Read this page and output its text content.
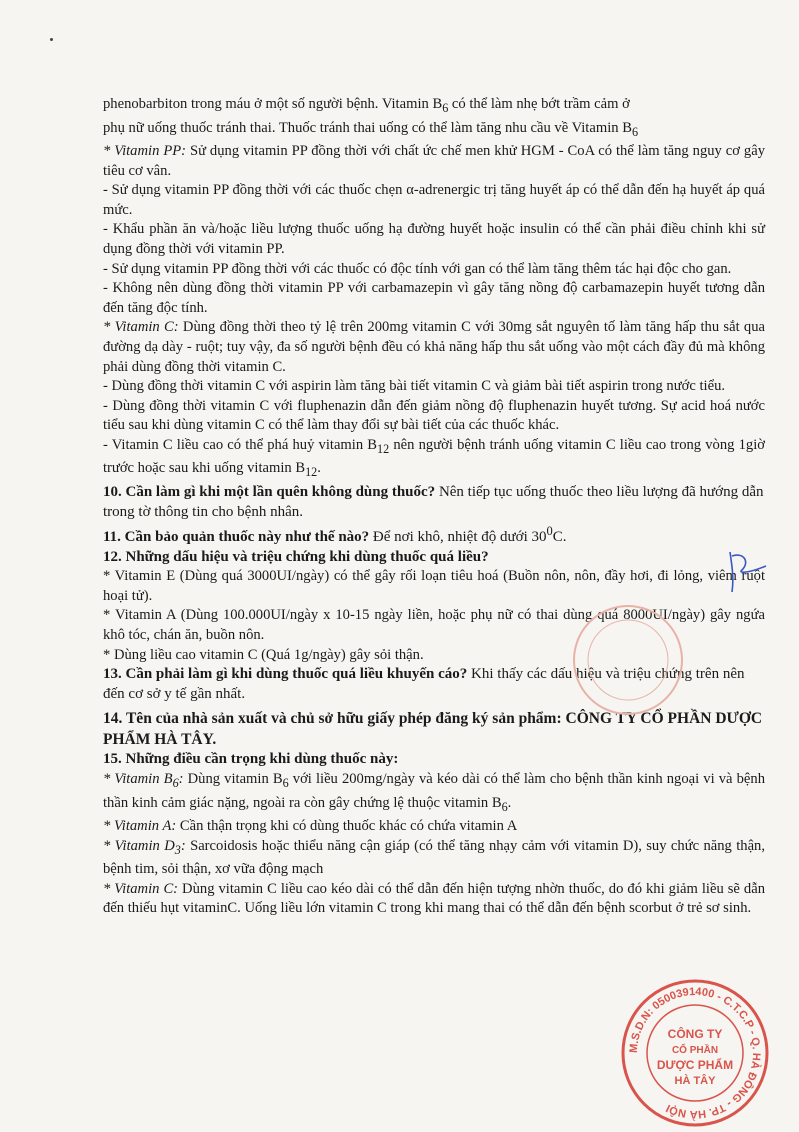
phenobarbiton trong máu ở một số người bệnh. Vitamin $B_6$ có thể làm nhẹ bớt trầm cảm ở

phụ nữ uống thuốc tránh thai. Thuốc tránh thai uống có thể làm tăng nhu cầu về Vitamin $B_6$

* Vitamin PP: Sử dụng vitamin PP đồng thời với chất ức chế men khử HGM - CoA có thể làm tăng nguy cơ gây tiêu cơ vân.

- Sử dụng vitamin PP đồng thời với các thuốc chẹn α-adrenergic trị tăng huyết áp có thể dẫn đến hạ huyết áp quá mức.

- Khẩu phần ăn và/hoặc liều lượng thuốc uống hạ đường huyết hoặc insulin có thể cần phải điều chỉnh khi sử dụng đồng thời với vitamin PP.

- Sử dụng vitamin PP đồng thời với các thuốc có độc tính với gan có thể làm tăng thêm tác hại độc cho gan.

- Không nên dùng đồng thời vitamin PP với carbamazepin vì gây tăng nồng độ carbamazepin huyết tương dẫn đến tăng độc tính.

* Vitamin C: Dùng đồng thời theo tỷ lệ trên 200mg vitamin C với 30mg sắt nguyên tố làm tăng hấp thu sắt qua đường dạ dày - ruột; tuy vậy, đa số người bệnh đều có khả năng hấp thu sắt uống vào một cách đầy đủ mà không phải dùng đồng thời vitamin C.

- Dùng đồng thời vitamin C với aspirin làm tăng bài tiết vitamin C và giảm bài tiết aspirin trong nước tiểu.

- Dùng đồng thời vitamin C với fluphenazin dẫn đến giảm nồng độ fluphenazin huyết tương. Sự acid hoá nước tiểu sau khi dùng vitamin C có thể làm thay đổi sự bài tiết của các thuốc khác.

- Vitamin C liều cao có thể phá huỷ vitamin $B_{12}$ nên người bệnh tránh uống vitamin C liều cao trong vòng 1giờ trước hoặc sau khi uống vitamin $B_{12}$.

10. Cần làm gì khi một lần quên không dùng thuốc? Nên tiếp tục uống thuốc theo liều lượng đã hướng dẫn trong tờ thông tin cho bệnh nhân.

11. Cần bảo quản thuốc này như thế nào? Để nơi khô, nhiệt độ dưới $30^0C$.

12. Những dấu hiệu và triệu chứng khi dùng thuốc quá liều?

* Vitamin E (Dùng quá 3000UI/ngày) có thể gây rối loạn tiêu hoá (Buồn nôn, nôn, đầy hơi, đi lỏng, viêm ruột hoại tử).

* Vitamin A (Dùng 100.000UI/ngày x 10-15 ngày liền, hoặc phụ nữ có thai dùng quá 8000UI/ngày) gây ngứa khô tóc, chán ăn, buồn nôn.

* Dùng liều cao vitamin C (Quá 1g/ngày) gây sỏi thận.

13. Cần phải làm gì khi dùng thuốc quá liều khuyến cáo? Khi thấy các dấu hiệu và triệu chứng trên nên đến cơ sở y tế gần nhất.

14. Tên của nhà sản xuất và chủ sở hữu giấy phép đăng ký sản phẩm: CÔNG TY CỔ PHẦN DƯỢC PHẨM HÀ TÂY.

15. Những điều cần trọng khi dùng thuốc này:

* Vitamin $B_6$: Dùng vitamin $B_6$ với liều 200mg/ngày và kéo dài có thể làm cho bệnh thần kinh ngoại vi và bệnh thần kinh cảm giác nặng, ngoài ra còn gây chứng lệ thuộc vitamin $B_6$.

* Vitamin A: Cần thận trọng khi có dùng thuốc khác có chứa vitamin A

* Vitamin $D_3$: Sarcoidosis hoặc thiểu năng cận giáp (có thể tăng nhạy cảm với vitamin D), suy chức năng thận, bệnh tim, sỏi thận, xơ vữa động mạch

* Vitamin C: Dùng vitamin C liều cao kéo dài có thể dẫn đến hiện tượng nhờn thuốc, do đó khi giảm liều sẽ dẫn đến thiếu hụt vitaminC. Uống liều lớn vitamin C trong khi mang thai có thể dẫn đến bệnh scorbut ở trẻ sơ sinh.

M.S.D.N: 0500391400 - C.T.C.P - Q. HÀ ĐÔNG - TP. HÀ NỘI
CÔNG TY
CỔ PHẦN
DƯỢC PHẨM
HÀ TÂY
